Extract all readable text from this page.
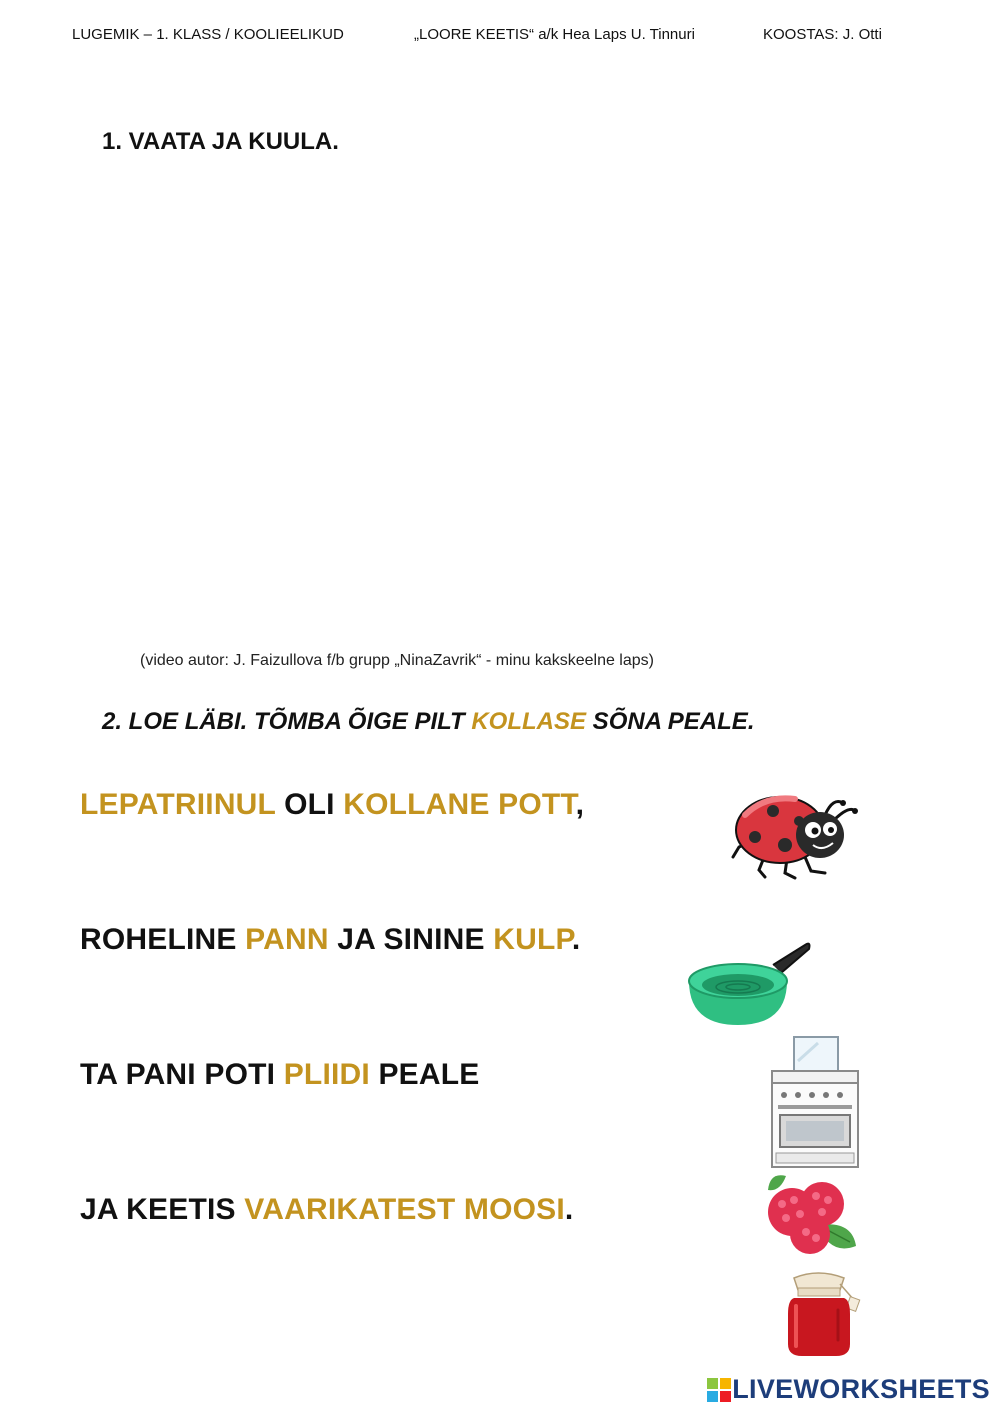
LUGEMIK – 1. KLASS / KOOLIEELIKUD	„LOORE KEETIS“ a/k Hea Laps U. Tinnuri	KOOSTAS: J. Otti
1. VAATA JA KUULA.
(video autor: J. Faizullova f/b grupp „NinaZavrik“ - minu kakskeelne laps)
2. LOE LÄBI. TÕMBA ÕIGE PILT KOLLASE SÕNA PEALE.
LEPATRIINUL OLI KOLLANE POTT,
ROHELINE PANN JA SININE KULP.
TA PANI POTI PLIIDI PEALE
JA KEETIS VAARIKATEST MOOSI.
LIVEWORKSHEETS
